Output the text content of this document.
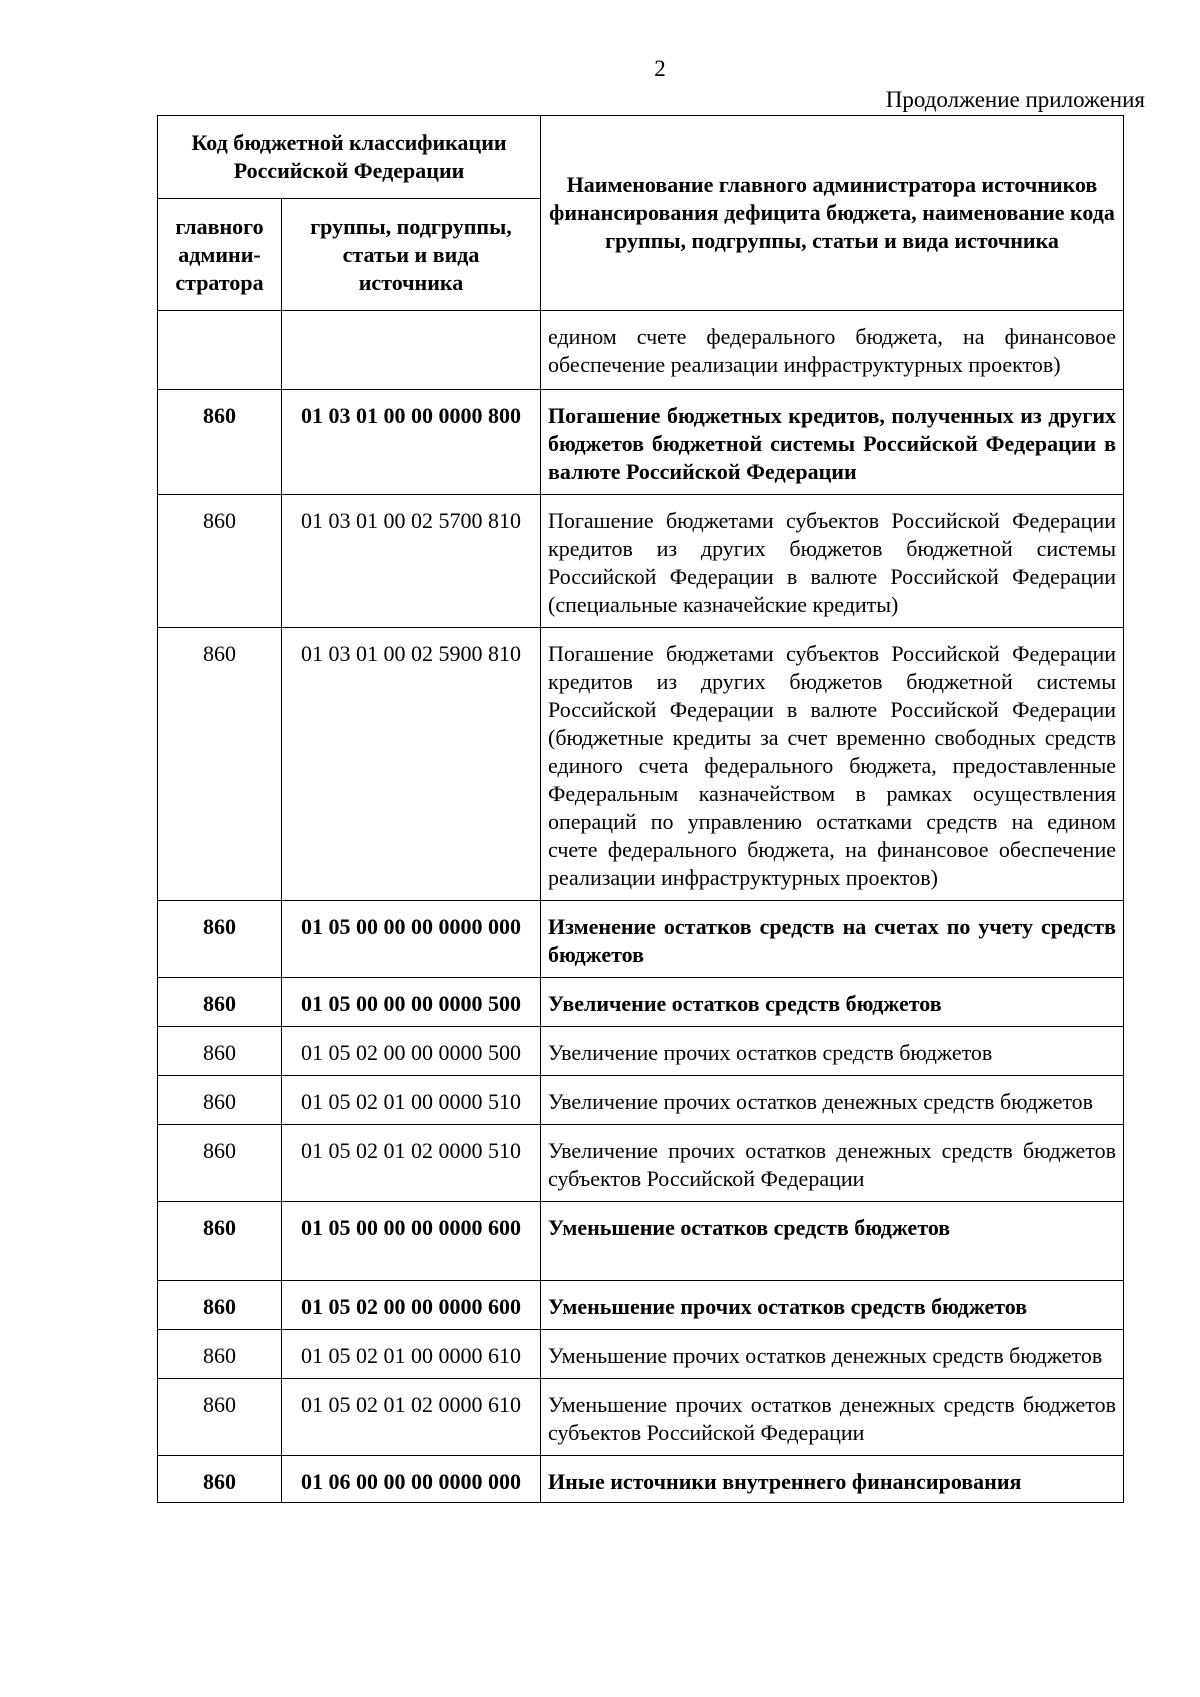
2
Продолжение приложения
Код бюджетной классификации Российской Федерации		Наименование главного администратора источников финансирования дефицита бюджета, наименование кода группы, подгруппы, статьи и вида источника
главного админи-стратора	группы, подгруппы, статьи и вида источника	
		едином счете федерального бюджета, на финансовое обеспечение реализации инфраструктурных проектов)
860	01 03 01 00 00 0000 800	Погашение бюджетных кредитов, полученных из других бюджетов бюджетной системы Российской Федерации в валюте Российской Федерации
860	01 03 01 00 02 5700 810	Погашение бюджетами субъектов Российской Федерации кредитов из других бюджетов бюджетной системы Российской Федерации в валюте Российской Федерации (специальные казначейские кредиты)
860	01 03 01 00 02 5900 810	Погашение бюджетами субъектов Российской Федерации кредитов из других бюджетов бюджетной системы Российской Федерации в валюте Российской Федерации (бюджетные кредиты за счет временно свободных средств единого счета федерального бюджета, предоставленные Федеральным казначейством в рамках осуществления операций по управлению остатками средств на едином счете федерального бюджета, на финансовое обеспечение реализации инфраструктурных проектов)
860	01 05 00 00 00 0000 000	Изменение остатков средств на счетах по учету средств бюджетов
860	01 05 00 00 00 0000 500	Увеличение остатков средств бюджетов
860	01 05 02 00 00 0000 500	Увеличение прочих остатков средств бюджетов
860	01 05 02 01 00 0000 510	Увеличение прочих остатков денежных средств бюджетов
860	01 05 02 01 02 0000 510	Увеличение прочих остатков денежных средств бюджетов субъектов Российской Федерации
860	01 05 00 00 00 0000 600	Уменьшение остатков средств бюджетов
860	01 05 02 00 00 0000 600	Уменьшение прочих остатков средств бюджетов
860	01 05 02 01 00 0000 610	Уменьшение прочих остатков денежных средств бюджетов
860	01 05 02 01 02 0000 610	Уменьшение прочих остатков денежных средств бюджетов субъектов Российской Федерации
860	01 06 00 00 00 0000 000	Иные источники внутреннего финансирования
